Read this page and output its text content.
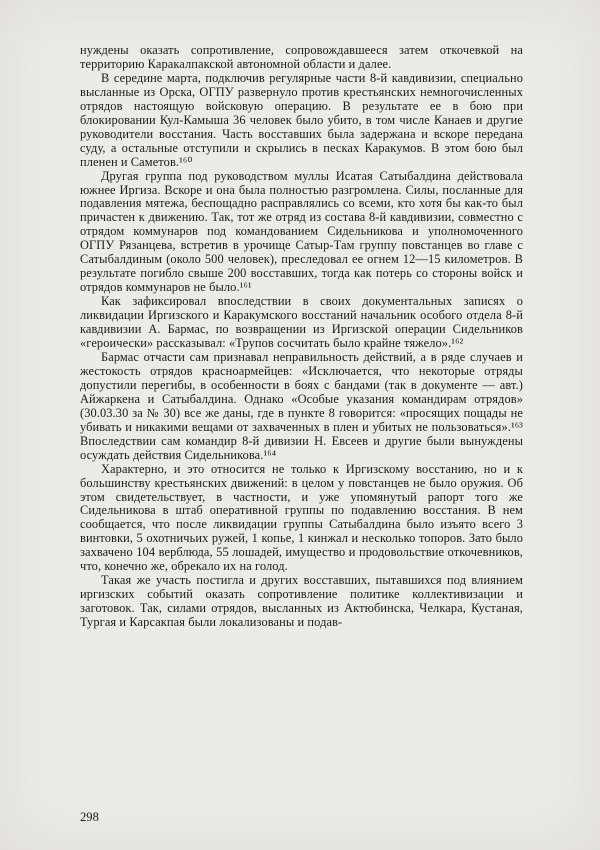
нуждены оказать сопротивление, сопровождавшееся затем откочевкой на территорию Каракалпакской автономной области и далее.

В середине марта, подключив регулярные части 8-й кавдивизии, специально высланные из Орска, ОГПУ развернуло против крестьянских немногочисленных отрядов настоящую войсковую операцию. В результате ее в бою при блокировании Кул-Камыша 36 человек было убито, в том числе Канаев и другие руководители восстания. Часть восставших была задержана и вскоре передана суду, а остальные отступили и скрылись в песках Каракумов. В этом бою был пленен и Саметов.¹⁶⁰

Другая группа под руководством муллы Исатая Сатыбалдина действовала южнее Иргиза. Вскоре и она была полностью разгромлена. Силы, посланные для подавления мятежа, беспощадно расправлялись со всеми, кто хотя бы как-то был причастен к движению. Так, тот же отряд из состава 8-й кавдивизии, совместно с отрядом коммунаров под командованием Сидельникова и уполномоченного ОГПУ Рязанцева, встретив в урочище Сатыр-Там группу повстанцев во главе с Сатыбалдиным (около 500 человек), преследовал ее огнем 12—15 километров. В результате погибло свыше 200 восставших, тогда как потерь со стороны войск и отрядов коммунаров не было.¹⁶¹

Как зафиксировал впоследствии в своих документальных записях о ликвидации Иргизского и Каракумского восстаний начальник особого отдела 8-й кавдивизии А. Бармас, по возвращении из Иргизской операции Сидельников «героически» рассказывал: «Трупов сосчитать было крайне тяжело».¹⁶²

Бармас отчасти сам признавал неправильность действий, а в ряде случаев и жестокость отрядов красноармейцев: «Исключается, что некоторые отряды допустили перегибы, в особенности в боях с бандами (так в документе — авт.) Айжаркена и Сатыбалдина. Однако «Особые указания командирам отрядов» (30.03.30 за № 30) все же даны, где в пункте 8 говорится: «просящих пощады не убивать и никакими вещами от захваченных в плен и убитых не пользоваться».¹⁶³ Впоследствии сам командир 8-й дивизии Н. Евсеев и другие были вынуждены осуждать действия Сидельникова.¹⁶⁴

Характерно, и это относится не только к Иргизскому восстанию, но и к большинству крестьянских движений: в целом у повстанцев не было оружия. Об этом свидетельствует, в частности, и уже упомянутый рапорт того же Сидельникова в штаб оперативной группы по подавлению восстания. В нем сообщается, что после ликвидации группы Сатыбалдина было изъято всего 3 винтовки, 5 охотничьих ружей, 1 копье, 1 кинжал и несколько топоров. Зато было захвачено 104 верблюда, 55 лошадей, имущество и продовольствие откочевников, что, конечно же, обрекало их на голод.

Такая же участь постигла и других восставших, пытавшихся под влиянием иргизских событий оказать сопротивление политике коллективизации и заготовок. Так, силами отрядов, высланных из Актюбинска, Челкара, Кустаная, Тургая и Карсакпая были локализованы и подав-

298
